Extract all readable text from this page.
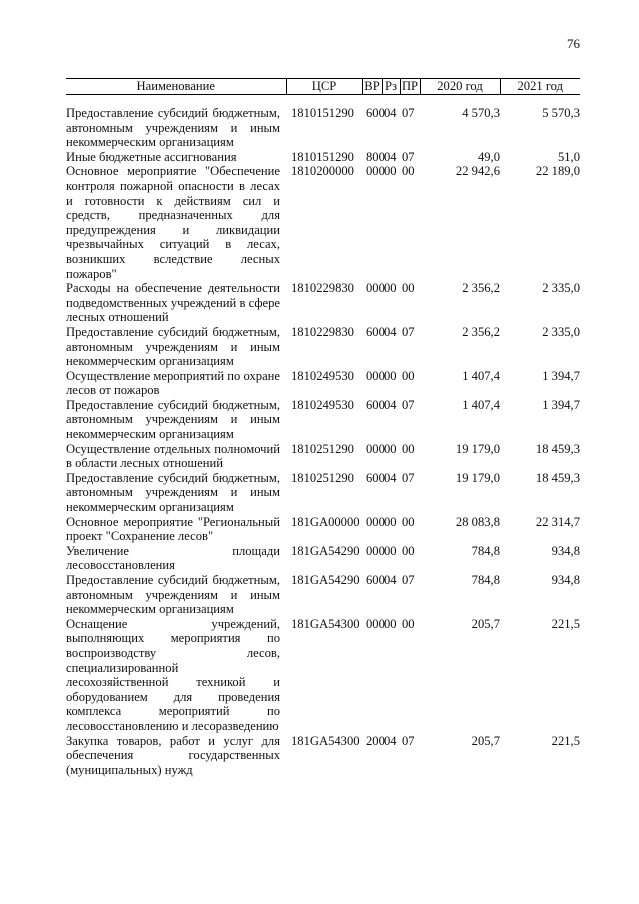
76
Наименование	ЦСР	ВР	Рз	ПР	2020 год	2021 год
Предоставление субсидий бюджетным, автономным учреждениям и иным некоммерческим организациям	1810151290	600	04	07	4 570,3	5 570,3
Иные бюджетные ассигнования	1810151290	800	04	07	49,0	51,0
Основное мероприятие "Обеспечение контроля пожарной опасности в лесах и готовности к действиям сил и средств, предназначенных для предупреждения и ликвидации чрезвычайных ситуаций в лесах, возникших вследствие лесных пожаров"	1810200000	000	00	00	22 942,6	22 189,0
Расходы на обеспечение деятельности подведомственных учреждений в сфере лесных отношений	1810229830	000	00	00	2 356,2	2 335,0
Предоставление субсидий бюджетным, автономным учреждениям и иным некоммерческим организациям	1810229830	600	04	07	2 356,2	2 335,0
Осуществление мероприятий по охране лесов от пожаров	1810249530	000	00	00	1 407,4	1 394,7
Предоставление субсидий бюджетным, автономным учреждениям и иным некоммерческим организациям	1810249530	600	04	07	1 407,4	1 394,7
Осуществление отдельных полномочий в области лесных отношений	1810251290	000	00	00	19 179,0	18 459,3
Предоставление субсидий бюджетным, автономным учреждениям и иным некоммерческим организациям	1810251290	600	04	07	19 179,0	18 459,3
Основное мероприятие "Региональный проект "Сохранение лесов"	181GA00000	000	00	00	28 083,8	22 314,7
Увеличение площади лесовосстановления	181GA54290	000	00	00	784,8	934,8
Предоставление субсидий бюджетным, автономным учреждениям и иным некоммерческим организациям	181GA54290	600	04	07	784,8	934,8
Оснащение учреждений, выполняющих мероприятия по воспроизводству лесов, специализированной лесохозяйственной техникой и оборудованием для проведения комплекса мероприятий по лесовосстановлению и лесоразведению	181GA54300	000	00	00	205,7	221,5
Закупка товаров, работ и услуг для обеспечения государственных (муниципальных) нужд	181GA54300	200	04	07	205,7	221,5
